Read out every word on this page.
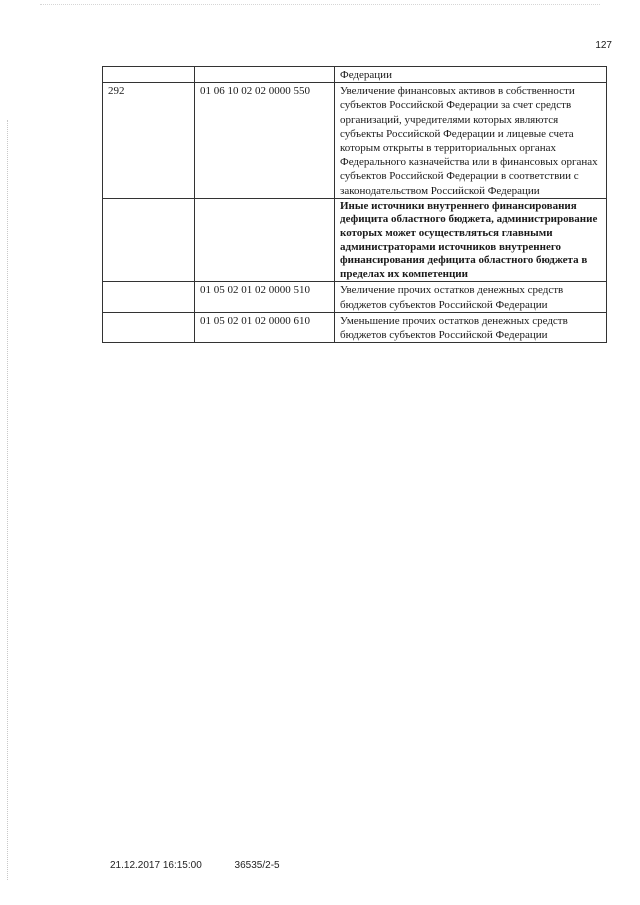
127
		Федерации
292	01 06 10 02 02 0000 550	Увеличение финансовых активов в собственности субъектов Российской Федерации за счет средств организаций, учредителями которых являются субъекты Российской Федерации и лицевые счета которым открыты в территориальных органах Федерального казначейства или в финансовых органах субъектов Российской Федерации в соответствии с законодательством Российской Федерации
		Иные источники внутреннего финансирования дефицита областного бюджета, администрирование которых может осуществляться главными администраторами источников внутреннего финансирования дефицита областного бюджета в пределах их компетенции
	01 05 02 01 02 0000 510	Увеличение прочих остатков денежных средств бюджетов субъектов Российской Федерации
	01 05 02 01 02 0000 610	Уменьшение прочих остатков денежных средств бюджетов субъектов Российской Федерации
21.12.2017 16:15:00	36535/2-5
